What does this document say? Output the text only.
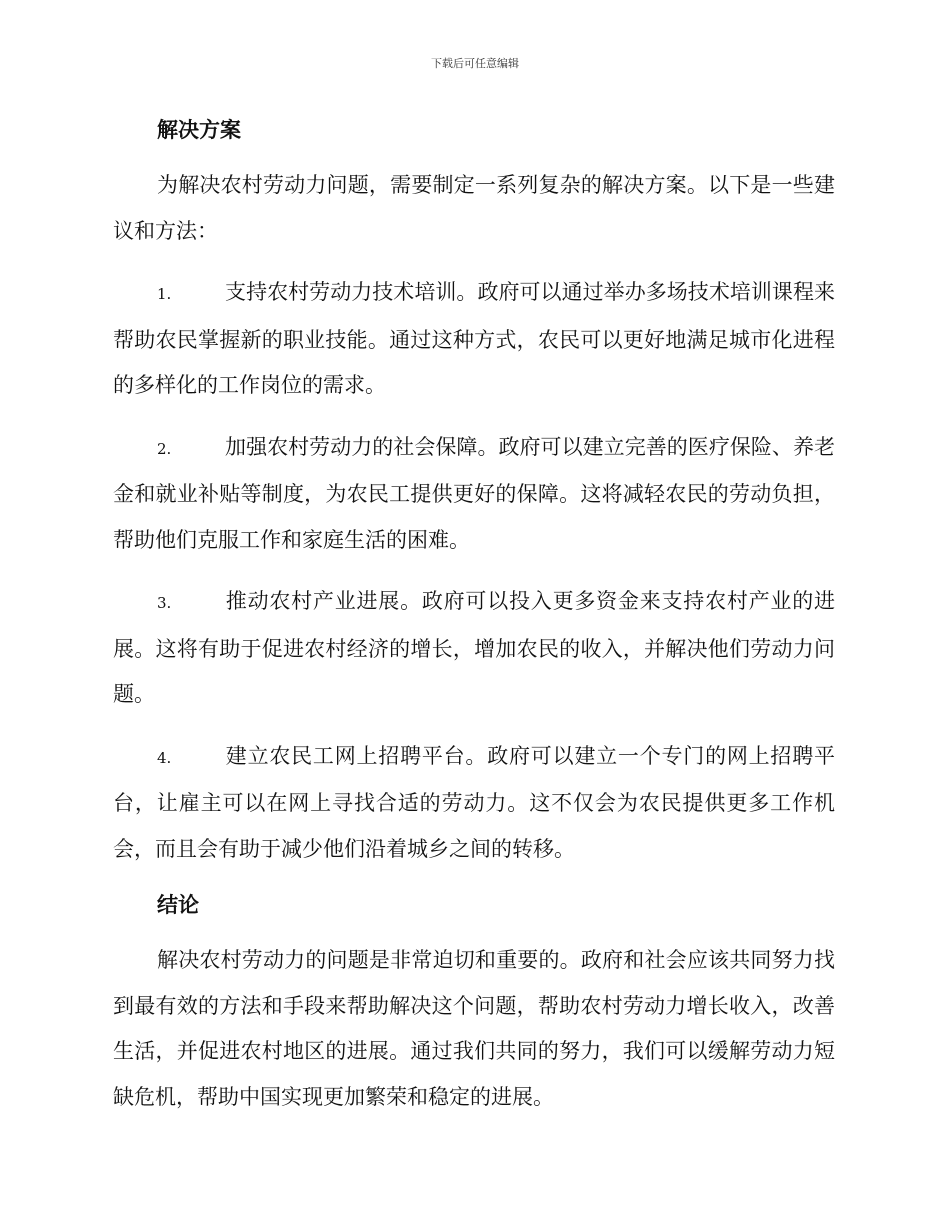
下载后可任意编辑
解决方案

为解决农村劳动力问题，需要制定一系列复杂的解决方案。以下是一些建议和方法：

1.	支持农村劳动力技术培训。政府可以通过举办多场技术培训课程来帮助农民掌握新的职业技能。通过这种方式，农民可以更好地满足城市化进程的多样化的工作岗位的需求。

2.	加强农村劳动力的社会保障。政府可以建立完善的医疗保险、养老金和就业补贴等制度，为农民工提供更好的保障。这将减轻农民的劳动负担，帮助他们克服工作和家庭生活的困难。

3.	推动农村产业进展。政府可以投入更多资金来支持农村产业的进展。这将有助于促进农村经济的增长，增加农民的收入，并解决他们劳动力问题。

4.	建立农民工网上招聘平台。政府可以建立一个专门的网上招聘平台，让雇主可以在网上寻找合适的劳动力。这不仅会为农民提供更多工作机会，而且会有助于减少他们沿着城乡之间的转移。

结论

解决农村劳动力的问题是非常迫切和重要的。政府和社会应该共同努力找到最有效的方法和手段来帮助解决这个问题，帮助农村劳动力增长收入，改善生活，并促进农村地区的进展。通过我们共同的努力，我们可以缓解劳动力短缺危机，帮助中国实现更加繁荣和稳定的进展。
